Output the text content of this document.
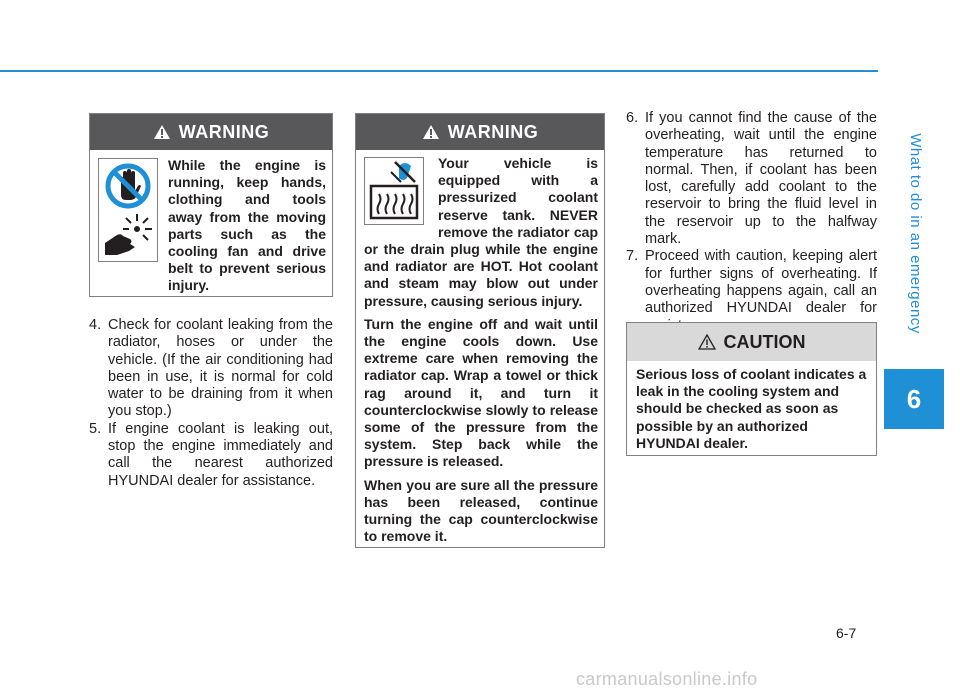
What to do in an emergency
6
WARNING
While the engine is running, keep hands, clothing and tools away from the moving parts such as the cooling fan and drive belt to prevent serious injury.

4. Check for coolant leaking from the radiator, hoses or under the vehicle. (If the air conditioning had been in use, it is normal for cold water to be draining from it when you stop.)

5. If engine coolant is leaking out, stop the engine immediately and call the nearest authorized HYUNDAI dealer for assistance.

WARNING

Your vehicle is equipped with a pressurized coolant reserve tank. NEVER remove the radiator cap or the drain plug while the engine and radiator are HOT. Hot coolant and steam may blow out under pressure, causing serious injury.

Turn the engine off and wait until the engine cools down. Use extreme care when removing the radiator cap. Wrap a towel or thick rag around it, and turn it counterclockwise slowly to release some of the pressure from the system. Step back while the pressure is released.

When you are sure all the pressure has been released, continue turning the cap counterclockwise to remove it.

6. If you cannot find the cause of the overheating, wait until the engine temperature has returned to normal. Then, if coolant has been lost, carefully add coolant to the reservoir to bring the fluid level in the reservoir up to the halfway mark.

7. Proceed with caution, keeping alert for further signs of overheating. If overheating happens again, call an authorized HYUNDAI dealer for

CAUTION
Serious loss of coolant indicates a leak in the cooling system and should be checked as soon as possible by an authorized HYUNDAI dealer.
6-7
carmanualsonline.info
